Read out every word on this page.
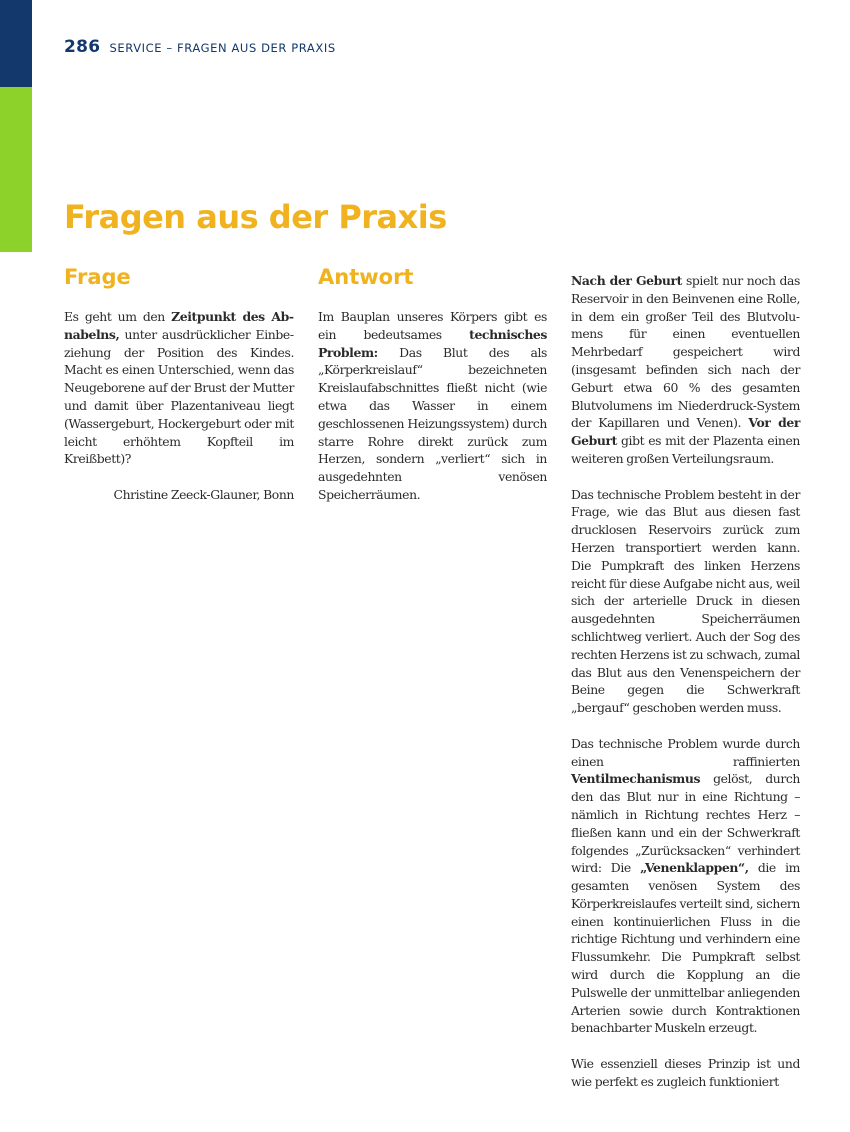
286 SERVICE – FRAGEN AUS DER PRAXIS
Fragen aus der Praxis
Frage	Antwort

Es geht um den Zeitpunkt des Abnabelns, unter ausdrücklicher Einbeziehung der Position des Kindes. Macht es einen Unterschied, wenn das Neugeborene auf der Brust der Mutter und damit über Plazentaniveau liegt (Wassergeburt, Hockergeburt oder mit leicht erhöhtem Kopfteil im Kreißbett)?

Christine Zeeck-Glauner, Bonn

Im Bauplan unseres Körpers gibt es ein bedeutsames technisches Problem: Das Blut des als „Körperkreislauf“ bezeichneten Kreislaufabschnittes fließt nicht (wie etwa das Wasser in einem geschlossenen Heizungssystem) durch starre Rohre direkt zurück zum Herzen, sondern „verliert“ sich in ausgedehnten venösen Speicherräumen.

Nach der Geburt spielt nur noch das Reservoir in den Beinvenen eine Rolle, in dem ein großer Teil des Blutvolumens für einen eventuellen Mehrbedarf gespeichert wird (insgesamt befinden sich nach der Geburt etwa 60 % des gesamten Blutvolumens im Niederdruck-System der Kapillaren und Venen). Vor der Geburt gibt es mit der Plazenta einen weiteren großen Verteilungsraum.

Das technische Problem besteht in der Frage, wie das Blut aus diesen fast drucklosen Reservoirs zurück zum Herzen transportiert werden kann. Die Pumpkraft des linken Herzens reicht für diese Aufgabe nicht aus, weil sich der arterielle Druck in diesen ausgedehnten Speicherräumen schlichtweg verliert. Auch der Sog des rechten Herzens ist zu schwach, zumal das Blut aus den Venenspeichern der Beine gegen die Schwerkraft „bergauf“ geschoben werden muss.

Das technische Problem wurde durch einen raffinierten Ventilmechanismus gelöst, durch den das Blut nur in eine Richtung – nämlich in Richtung rechtes Herz – fließen kann und ein der Schwerkraft folgendes „Zurücksacken“ verhindert wird: Die „Venenklappen“, die im gesamten venösen System des Körperkreislaufes verteilt sind, sichern einen kontinuierlichen Fluss in die richtige Richtung und verhindern eine Flussumkehr. Die Pumpkraft selbst wird durch die Kopplung an die Pulswelle der unmittelbar anliegenden Arterien sowie durch Kontraktionen benachbarter Muskeln erzeugt.

Wie essenziell dieses Prinzip ist und wie perfekt es zugleich funktioniert
